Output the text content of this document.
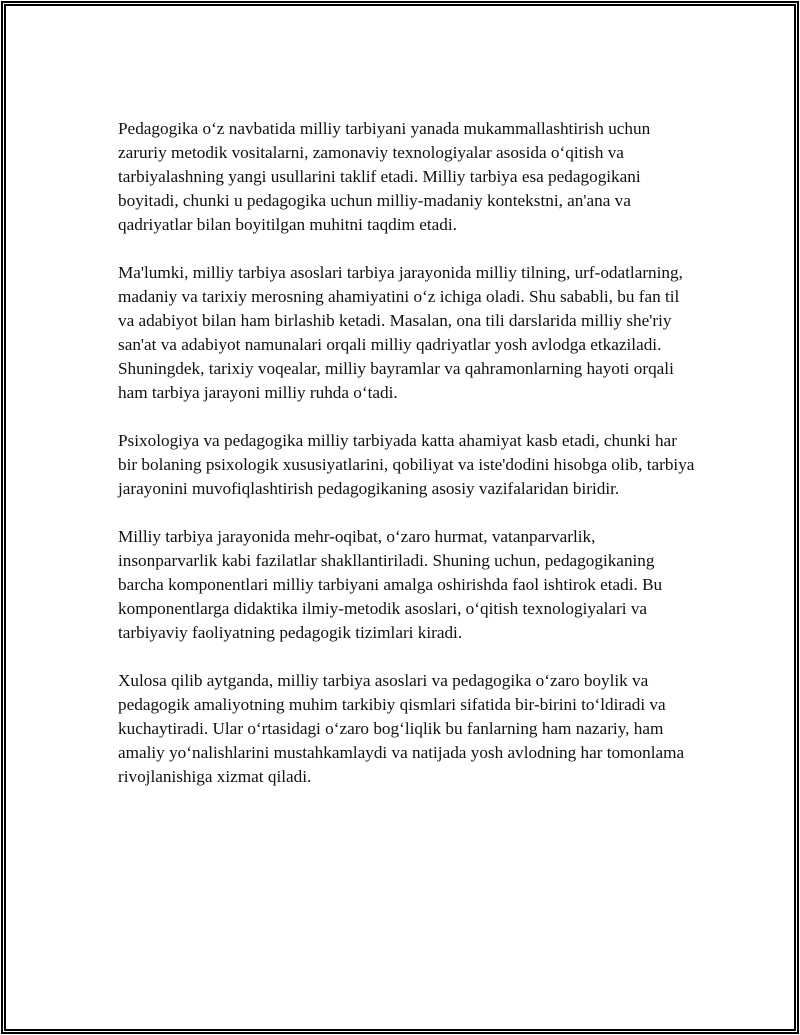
Pedagogika o‘z navbatida milliy tarbiyani yanada mukammallashtirish uchun zaruriy metodik vositalarni, zamonaviy texnologiyalar asosida o‘qitish va tarbiyalashning yangi usullarini taklif etadi. Milliy tarbiya esa pedagogikani boyitadi, chunki u pedagogika uchun milliy-madaniy kontekstni, an'ana va qadriyatlar bilan boyitilgan muhitni taqdim etadi.

Ma'lumki, milliy tarbiya asoslari tarbiya jarayonida milliy tilning, urf-odatlarning, madaniy va tarixiy merosning ahamiyatini o‘z ichiga oladi. Shu sababli, bu fan til va adabiyot bilan ham birlashib ketadi. Masalan, ona tili darslarida milliy she'riy san'at va adabiyot namunalari orqali milliy qadriyatlar yosh avlodga etkaziladi. Shuningdek, tarixiy voqealar, milliy bayramlar va qahramonlarning hayoti orqali ham tarbiya jarayoni milliy ruhda o‘tadi.

Psixologiya va pedagogika milliy tarbiyada katta ahamiyat kasb etadi, chunki har bir bolaning psixologik xususiyatlarini, qobiliyat va iste'dodini hisobga olib, tarbiya jarayonini muvofiqlashtirish pedagogikaning asosiy vazifalaridan biridir.

Milliy tarbiya jarayonida mehr-oqibat, o‘zaro hurmat, vatanparvarlik, insonparvarlik kabi fazilatlar shakllantiriladi. Shuning uchun, pedagogikaning barcha komponentlari milliy tarbiyani amalga oshirishda faol ishtirok etadi. Bu komponentlarga didaktika ilmiy-metodik asoslari, o‘qitish texnologiyalari va tarbiyaviy faoliyatning pedagogik tizimlari kiradi.

Xulosa qilib aytganda, milliy tarbiya asoslari va pedagogika o‘zaro boylik va pedagogik amaliyotning muhim tarkibiy qismlari sifatida bir-birini to‘ldiradi va kuchaytiradi. Ular o‘rtasidagi o‘zaro bog‘liqlik bu fanlarning ham nazariy, ham amaliy yo‘nalishlarini mustahkamlaydi va natijada yosh avlodning har tomonlama rivojlanishiga xizmat qiladi.
